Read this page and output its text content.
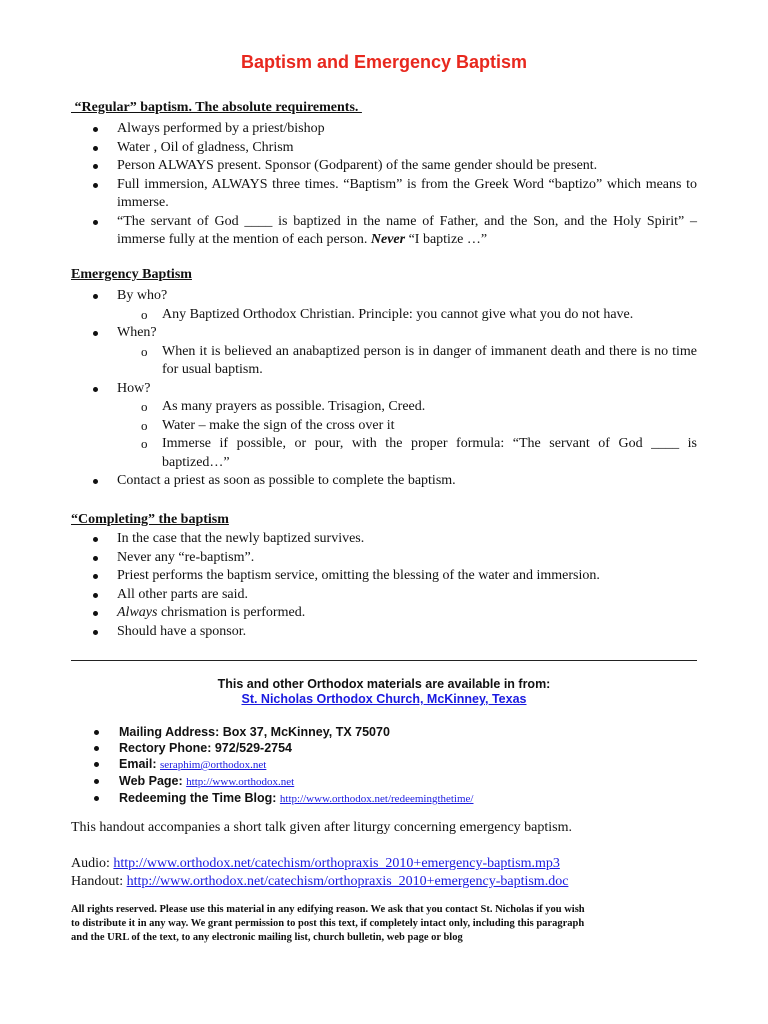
Baptism and Emergency Baptism
“Regular” baptism. The absolute requirements.
Always performed by a priest/bishop
Water , Oil of gladness, Chrism
Person ALWAYS present. Sponsor (Godparent) of the same gender should be present.
Full immersion, ALWAYS three times. “Baptism” is from the Greek Word “baptizo” which means to immerse.
“The servant of God ____ is baptized in the name of Father, and the Son, and the Holy Spirit” – immerse fully at the mention of each person. Never “I baptize …”
Emergency Baptism
By who?
o Any Baptized Orthodox Christian. Principle: you cannot give what you do not have.
When?
o When it is believed an anabaptized person is in danger of immanent death and there is no time for usual baptism.
How?
o As many prayers as possible. Trisagion, Creed.
o Water – make the sign of the cross over it
o Immerse if possible, or pour, with the proper formula: “The servant of God ____ is baptized…”
Contact a priest as soon as possible to complete the baptism.
“Completing” the baptism
In the case that the newly baptized survives.
Never any “re-baptism”.
Priest performs the baptism service, omitting the blessing of the water and immersion.
All other parts are said.
Always chrismation is performed.
Should have a sponsor.
This and other Orthodox materials are available in from:
St. Nicholas Orthodox Church, McKinney, Texas
Mailing Address: Box 37, McKinney, TX 75070
Rectory Phone: 972/529-2754
Email: seraphim@orthodox.net
Web Page: http://www.orthodox.net
Redeeming the Time Blog: http://www.orthodox.net/redeemingthetime/
This handout accompanies a short talk given after liturgy concerning emergency baptism.
Audio: http://www.orthodox.net/catechism/orthopraxis_2010+emergency-baptism.mp3
Handout: http://www.orthodox.net/catechism/orthopraxis_2010+emergency-baptism.doc
All rights reserved. Please use this material in any edifying reason. We ask that you contact St. Nicholas if you wish
to distribute it in any way. We grant permission to post this text, if completely intact only, including this paragraph
and the URL of the text, to any electronic mailing list, church bulletin, web page or blog
